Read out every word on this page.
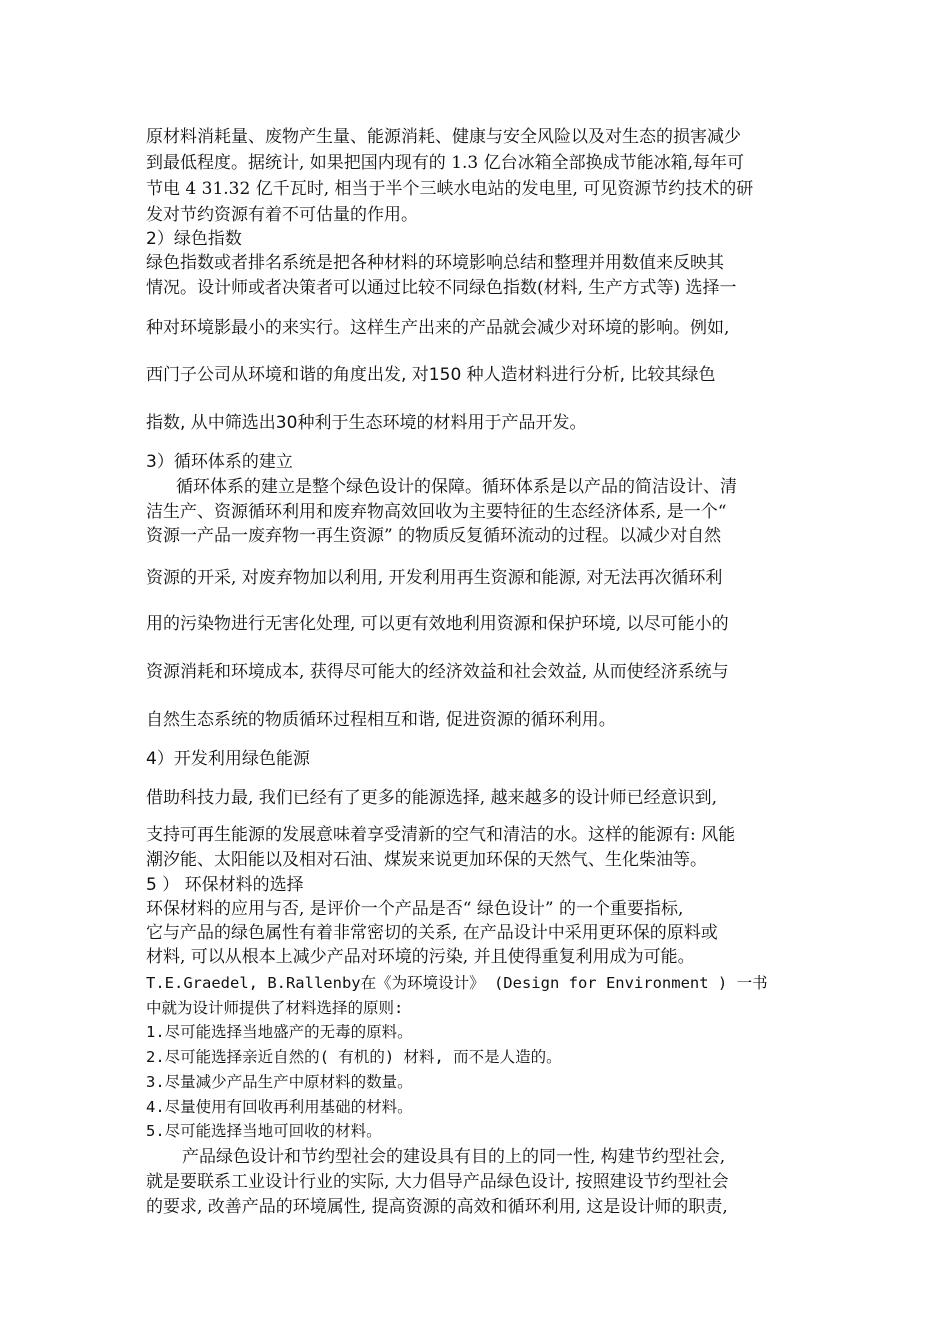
原材料消耗量、废物产生量、能源消耗、健康与安全风险以及对生态的损害减少
到最低程度。据统计, 如果把国内现有的 1.3 亿台冰箱全部换成节能冰箱,每年可
节电 4 31.32 亿千瓦时, 相当于半个三峡水电站的发电里, 可见资源节约技术的研
发对节约资源有着不可估量的作用。
2）绿色指数
绿色指数或者排名系统是把各种材料的环境影响总结和整理并用数值来反映其
情况。设计师或者决策者可以通过比较不同绿色指数(材料, 生产方式等) 选择一
种对环境影最小的来实行。这样生产出来的产品就会减少对环境的影响。例如,
西门子公司从环境和谐的角度出发, 对150 种人造材料进行分析, 比较其绿色
指数, 从中筛选出30种利于生态环境的材料用于产品开发。
3）循环体系的建立
循环体系的建立是整个绿色设计的保障。循环体系是以产品的简洁设计、清
洁生产、资源循环利用和废弃物高效回收为主要特征的生态经济体系, 是一个“
资源一产品一废弃物一再生资源” 的物质反复循环流动的过程。以减少对自然
资源的开采, 对废弃物加以利用, 开发利用再生资源和能源, 对无法再次循环利
用的污染物进行无害化处理, 可以更有效地利用资源和保护环境, 以尽可能小的
资源消耗和环境成本, 获得尽可能大的经济效益和社会效益, 从而使经济系统与
自然生态系统的物质循环过程相互和谐, 促进资源的循环利用。
4）开发利用绿色能源
借助科技力最, 我们已经有了更多的能源选择, 越来越多的设计师已经意识到,
支持可再生能源的发展意味着享受清新的空气和清洁的水。这样的能源有: 风能
潮汐能、太阳能以及相对石油、煤炭来说更加环保的天然气、生化柴油等。
5 ） 环保材料的选择
环保材料的应用与否, 是评价一个产品是否“ 绿色设计” 的一个重要指标,
它与产品的绿色属性有着非常密切的关系, 在产品设计中采用更环保的原料或
材料, 可以从根本上减少产品对环境的污染, 并且使得重复利用成为可能。
T.E.Graedel, B.Rallenby在《为环境设计》 (Design for Environment ) 一书
中就为设计师提供了材料选择的原则:
1.尽可能选择当地盛产的无毒的原料。
2.尽可能选择亲近自然的( 有机的) 材料, 而不是人造的。
3.尽量减少产品生产中原材料的数量。
4.尽量使用有回收再利用基础的材料。
5.尽可能选择当地可回收的材料。
产品绿色设计和节约型社会的建设具有目的上的同一性, 构建节约型社会,
就是要联系工业设计行业的实际, 大力倡导产品绿色设计, 按照建设节约型社会
的要求, 改善产品的环境属性, 提高资源的高效和循环利用, 这是设计师的职责,
